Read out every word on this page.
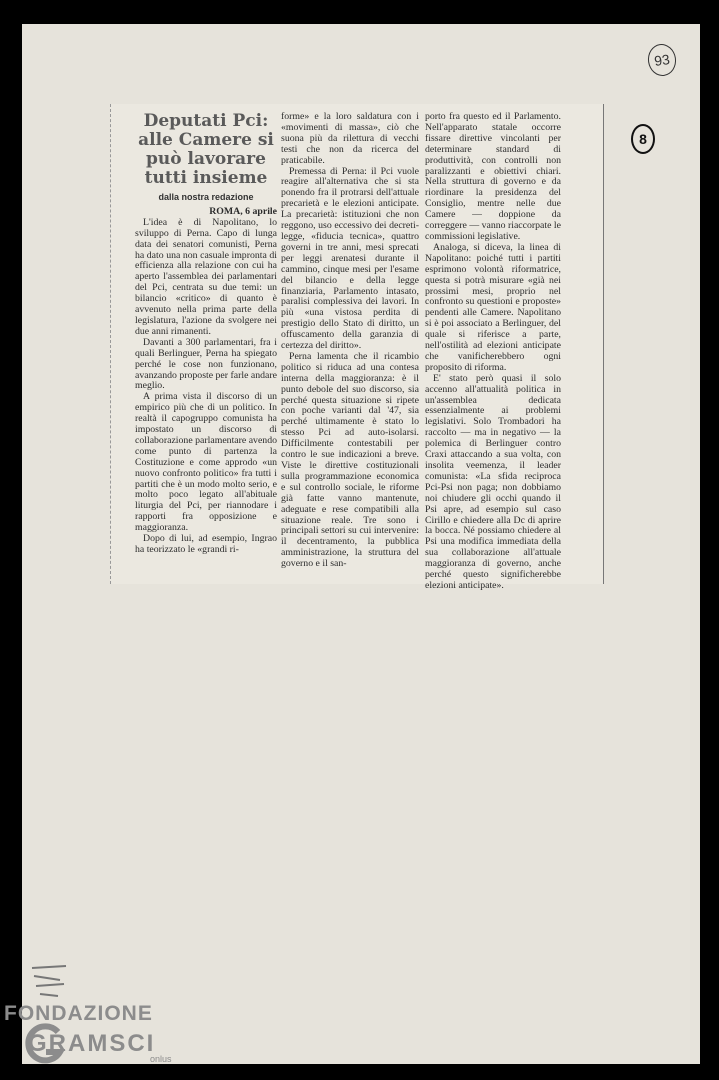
93
8
Deputati Pci: alle Camere si può lavorare tutti insieme
dalla nostra redazione
ROMA, 6 aprile

L'idea è di Napolitano, lo sviluppo di Perna. Capo di lunga data dei senatori comunisti, Perna ha dato una non casuale impronta di efficienza alla relazione con cui ha aperto l'assemblea dei parlamentari del Pci, centrata su due temi: un bilancio «critico» di quanto è avvenuto nella prima parte della legislatura, l'azione da svolgere nei due anni rimanenti.

Davanti a 300 parlamentari, fra i quali Berlinguer, Perna ha spiegato perché le cose non funzionano, avanzando proposte per farle andare meglio.

A prima vista il discorso di un empirico più che di un politico. In realtà il capogruppo comunista ha impostato un discorso di collaborazione parlamentare avendo come punto di partenza la Costituzione e come approdo «un nuovo confronto politico» fra tutti i partiti che è un modo molto serio, e molto poco legato all'abituale liturgia del Pci, per riannodare i rapporti fra opposizione e maggioranza.

Dopo di lui, ad esempio, Ingrao ha teorizzato le «grandi ri-

forme» e la loro saldatura con i «movimenti di massa», ciò che suona più da rilettura di vecchi testi che non da ricerca del praticabile.

Premessa di Perna: il Pci vuole reagire all'alternativa che si sta ponendo fra il protrarsi dell'attuale precarietà e le elezioni anticipate. La precarietà: istituzioni che non reggono, uso eccessivo dei decreti-legge, «fiducia tecnica», quattro governi in tre anni, mesi sprecati per leggi arenatesi durante il cammino, cinque mesi per l'esame del bilancio e della legge finanziaria, Parlamento intasato, paralisi complessiva dei lavori. In più «una vistosa perdita di prestigio dello Stato di diritto, un offuscamento della garanzia di certezza del diritto».

Perna lamenta che il ricambio politico si riduca ad una contesa interna della maggioranza: è il punto debole del suo discorso, sia perché questa situazione si ripete con poche varianti dal '47, sia perché ultimamente è stato lo stesso Pci ad auto-isolarsi. Difficilmente contestabili per contro le sue indicazioni a breve. Viste le direttive costituzionali sulla programmazione economica e sul controllo sociale, le riforme già fatte vanno mantenute, adeguate e rese compatibili alla situazione reale. Tre sono i principali settori su cui intervenire: il decentramento, la pubblica amministrazione, la struttura del governo e il san-

porto fra questo ed il Parlamento. Nell'apparato statale occorre fissare direttive vincolanti per determinare standard di produttività, con controlli non paralizzanti e obiettivi chiari. Nella struttura di governo e da riordinare la presidenza del Consiglio, mentre nelle due Camere — doppione da correggere — vanno riaccorpate le commissioni legislative.

Analoga, si diceva, la linea di Napolitano: poiché tutti i partiti esprimono volontà riformatrice, questa si potrà misurare «già nei prossimi mesi, proprio nel confronto su questioni e proposte» pendenti alle Camere. Napolitano si è poi associato a Berlinguer, del quale si riferisce a parte, nell'ostilità ad elezioni anticipate che vanificherebbero ogni proposito di riforma.

E' stato però quasi il solo accenno all'attualità politica in un'assemblea dedicata essenzialmente ai problemi legislativi. Solo Trombadori ha raccolto — ma in negativo — la polemica di Berlinguer contro Craxi attaccando a sua volta, con insolita veemenza, il leader comunista: «La sfida reciproca Pci-Psi non paga; non dobbiamo noi chiudere gli occhi quando il Psi apre, ad esempio sul caso Cirillo e chiedere alla Dc di aprire la bocca. Né possiamo chiedere al Psi una modifica immediata della sua collaborazione all'attuale maggioranza di governo, anche perché questo significherebbe elezioni anticipate».

FONDAZIONE
GRAMSCI
onlus
